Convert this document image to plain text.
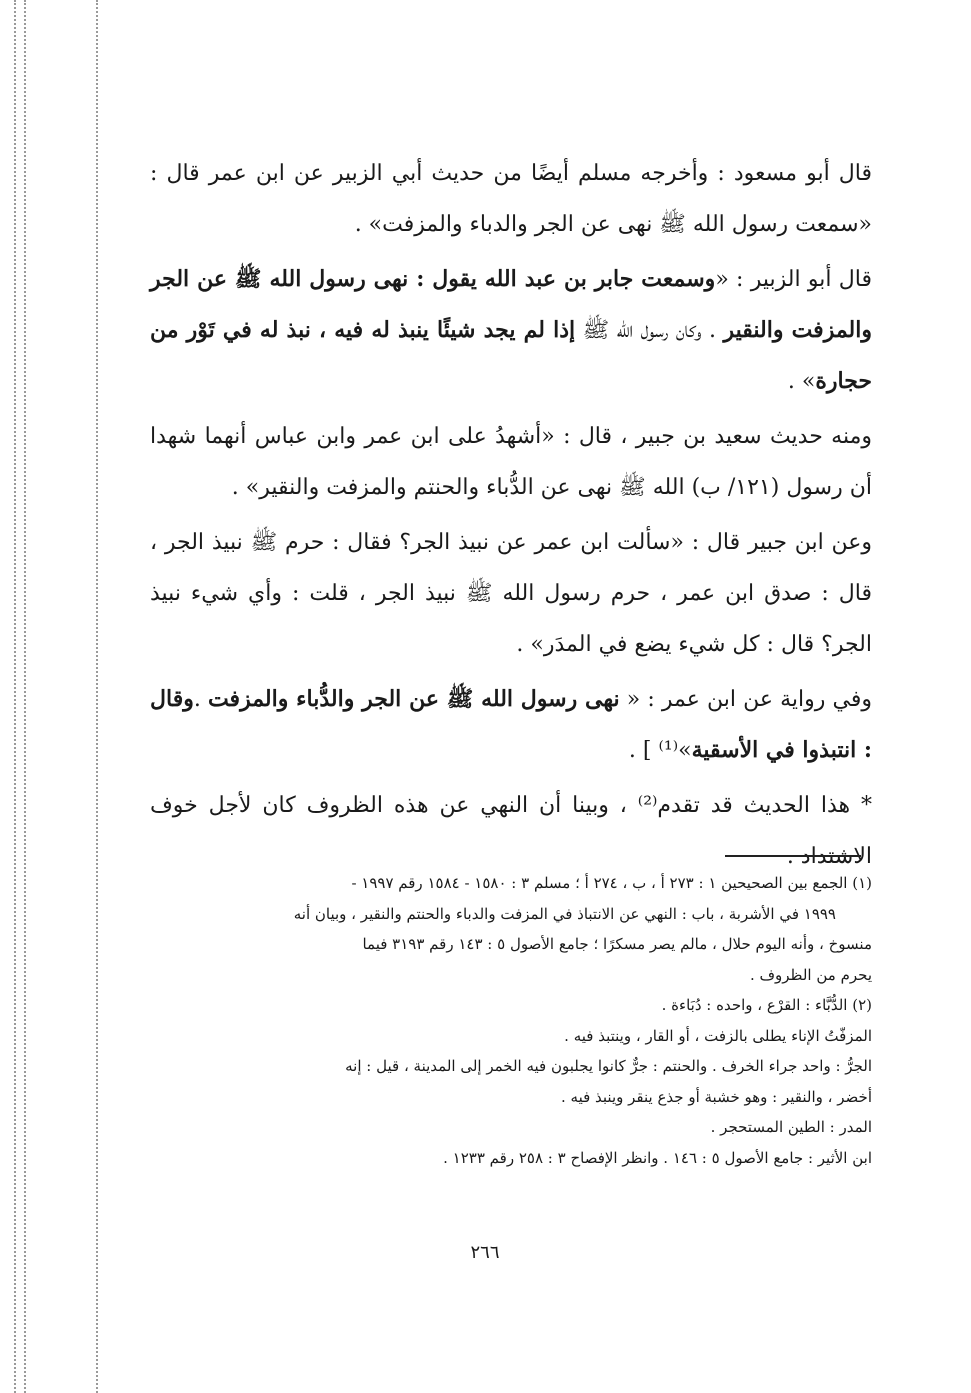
قال أبو مسعود : وأخرجه مسلم أيضًا من حديث أبي الزبير عن ابن عمر قال : «سمعت رسول الله ﷺ نهى عن الجر والدباء والمزفت» .

قال أبو الزبير : «وسمعت جابر بن عبد الله يقول : نهى رسول الله ﷺ عن الجر والمزفت والنقير . وكان رسول الله ﷺ إذا لم يجد شيئًا ينبذ له فيه ، نبذ له في تَوْر من حجارة» .

ومنه حديث سعيد بن جبير ، قال : «أشهدُ على ابن عمر وابن عباس أنهما شهدا أن رسول (١٢١/ ب) الله ﷺ نهى عن الدُّباء والحنتم والمزفت والنقير» .

وعن ابن جبير قال : «سألت ابن عمر عن نبيذ الجر؟ فقال : حرم ﷺ نبيذ الجر ، قال : صدق ابن عمر ، حرم رسول الله ﷺ نبيذ الجر ، قلت : وأي شيء نبيذ الجر؟ قال : كل شيء يضع في المدَر» .

وفي رواية عن ابن عمر : « نهى رسول الله ﷺ عن الجر والدُّباء والمزفت .وقال : انتبذوا في الأسقية»⁽¹⁾ ] .

* هذا الحديث قد تقدم⁽²⁾ ، وبينا أن النهي عن هذه الظروف كان لأجل خوف الاشتداد .

(١) الجمع بين الصحيحين ١ : ٢٧٣ أ ، ب ، ٢٧٤ أ ؛ مسلم ٣ : ١٥٨٠ - ١٥٨٤ رقم ١٩٩٧ -
١٩٩٩ في الأشربة ، باب : النهي عن الانتباذ في المزفت والدباء والحنتم والنقير ، وبيان أنه
منسوخ ، وأنه اليوم حلال ، مالم يصر مسكرًا ؛ جامع الأصول ٥ : ١٤٣ رقم ٣١٩٣ فيما
يحرم من الظروف .
(٢) الدُّبَّاء : القرْع ، واحده : دُبَاءة .
المزفّتُ الإناء يطلى بالزفت ، أو القار ، وينتبذ فيه .
الجرُّ : واحد جراء الخرف . والحنتم : جرٌّ كانوا يجلبون فيه الخمر إلى المدينة ، قيل : إنه
أخضر ، والنقير : وهو خشبة أو جذع ينقر وينبذ فيه .
المدر : الطين المستحجر .
ابن الأثير : جامع الأصول ٥ : ١٤٦ . وانظر الإفصاح ٣ : ٢٥٨ رقم ١٢٣٣ .
٢٦٦
